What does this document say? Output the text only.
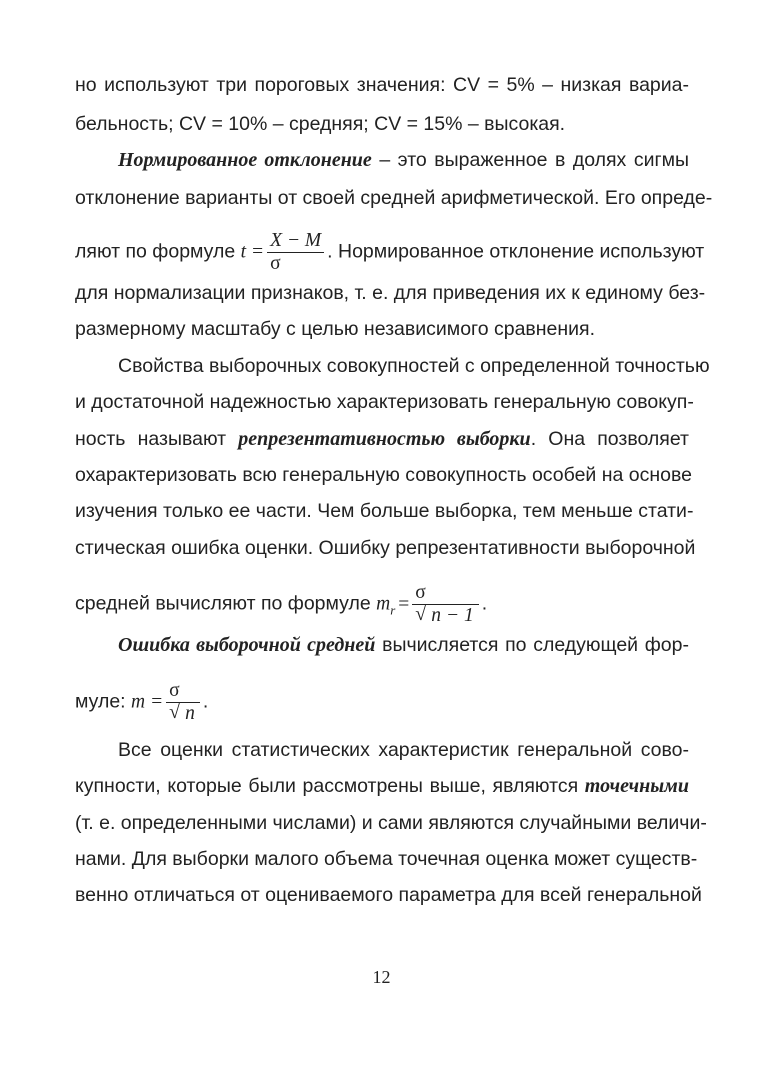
но используют три пороговых значения: CV = 5% – низкая вариа-
бельность; CV = 10% – средняя; CV = 15% – высокая.
Нормированное отклонение – это выраженное в долях сигмы
отклонение варианты от своей средней арифметической. Его опреде-
ляют по формуле $t = \frac{X - M}{\sigma}$ . Нормированное отклонение используют
для нормализации признаков, т. е. для приведения их к единому без-
размерному масштабу с целью независимого сравнения.
Свойства выборочных совокупностей с определенной точностью
и достаточной надежностью характеризовать генеральную совокуп-
ность называют репрезентативностью выборки. Она позволяет
охарактеризовать всю генеральную совокупность особей на основе
изучения только ее части. Чем больше выборка, тем меньше стати-
стическая ошибка оценки. Ошибку репрезентативности выборочной
средней вычисляют по формуле $m_r = \frac{\sigma}{√ n - 1}$ .
Ошибка выборочной средней вычисляется по следующей фор-
муле: $m = \frac{\sigma}{√ n}$ .
Все оценки статистических характеристик генеральной сово-
купности, которые были рассмотрены выше, являются точечными
(т. е. определенными числами) и сами являются случайными величи-
нами. Для выборки малого объема точечная оценка может существ-
венно отличаться от оцениваемого параметра для всей генеральной
12
